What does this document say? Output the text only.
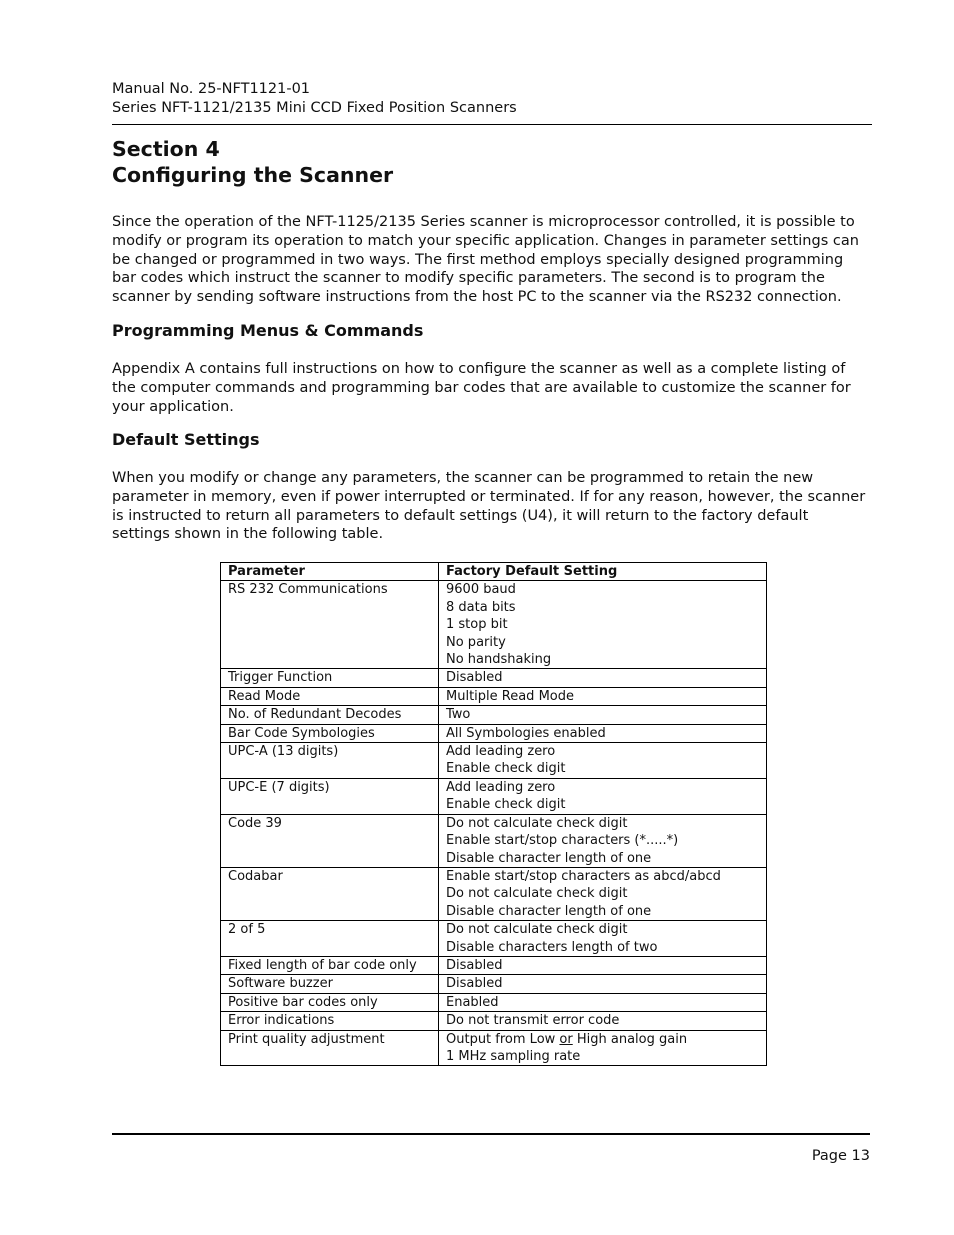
Manual No. 25-NFT1121-01
Series NFT-1121/2135 Mini CCD Fixed Position Scanners
Section 4
Configuring the Scanner

Since the operation of the NFT-1125/2135 Series scanner is microprocessor controlled, it is possible to modify or program its operation to match your specific application. Changes in parameter settings can be changed or programmed in two ways. The first method employs specially designed programming bar codes which instruct the scanner to modify specific parameters. The second is to program the scanner by sending software instructions from the host PC to the scanner via the RS232 connection.

Programming Menus & Commands

Appendix A contains full instructions on how to configure the scanner as well as a complete listing of the computer commands and programming bar codes that are available to customize the scanner for your application.

Default Settings

When you modify or change any parameters, the scanner can be programmed to retain the new parameter in memory, even if power interrupted or terminated. If for any reason, however, the scanner is instructed to return all parameters to default settings (U4), it will return to the factory default settings shown in the following table.

Parameter	Factory Default Setting
RS 232 Communications	9600 baud
8 data bits
1 stop bit
No parity
No handshaking

Trigger Function	Disabled

Read Mode	Multiple Read Mode

No. of Redundant Decodes	Two

Bar Code Symbologies	All Symbologies enabled

UPC-A (13 digits)	Add leading zero
Enable check digit

UPC-E (7 digits)	Add leading zero
Enable check digit

Code 39	Do not calculate check digit
Enable start/stop characters (*.....*)
Disable character length of one

Codabar	Enable start/stop characters as abcd/abcd
Do not calculate check digit
Disable character length of one

2 of 5	Do not calculate check digit
Disable characters length of two

Fixed length of bar code only	Disabled

Software buzzer	Disabled

Positive bar codes only	Enabled

Error indications	Do not transmit error code

Print quality adjustment	Output from Low or High analog gain
1 MHz sampling rate
Page 13
